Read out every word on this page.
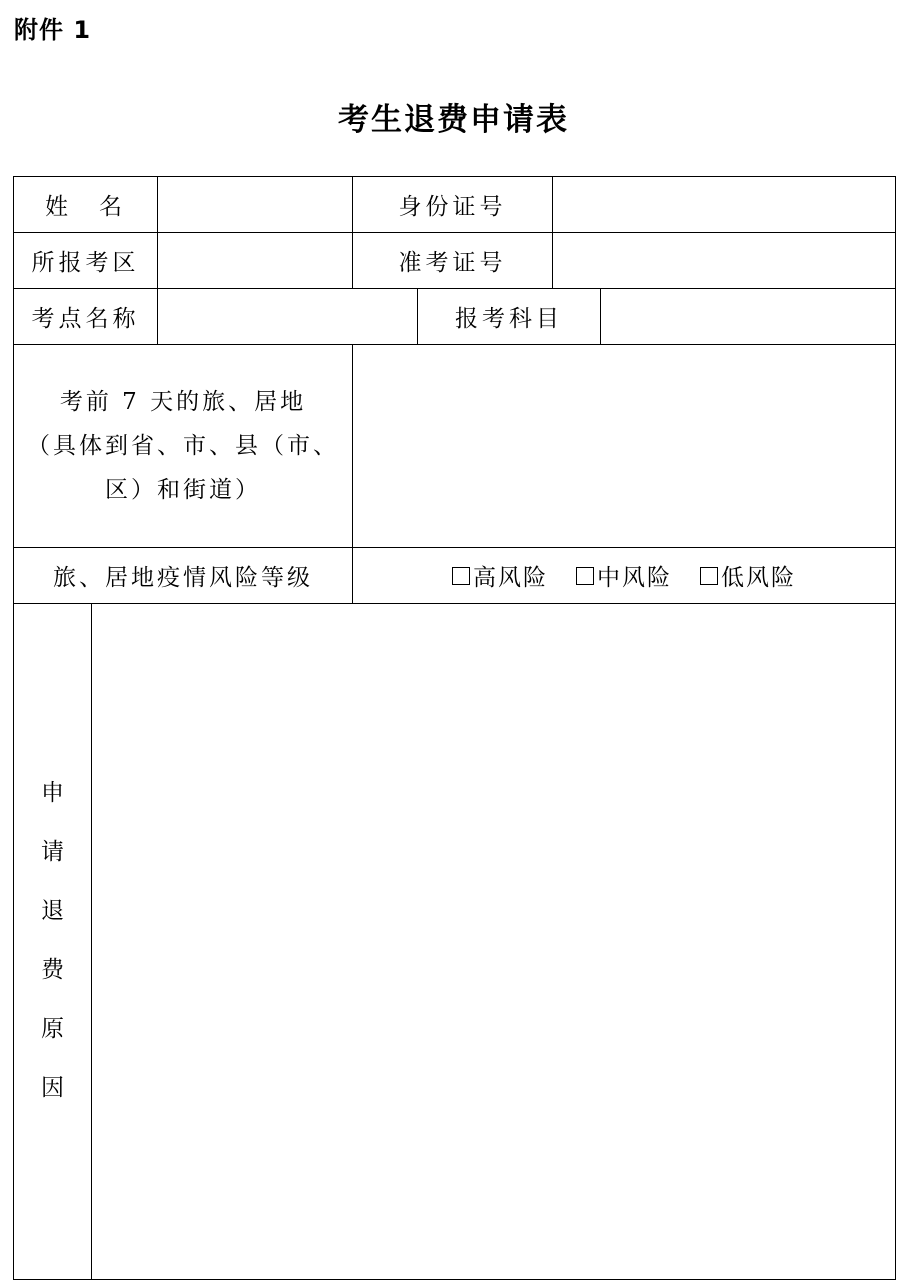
附件 1
考生退费申请表
姓　名	身份证号
所报考区	准考证号
考点名称	报考科目
考前 7 天的旅、居地
（具体到省、市、县（市、
区）和街道）
旅、居地疫情风险等级	高风险 中风险 低风险
申
请
退
费
原
因
